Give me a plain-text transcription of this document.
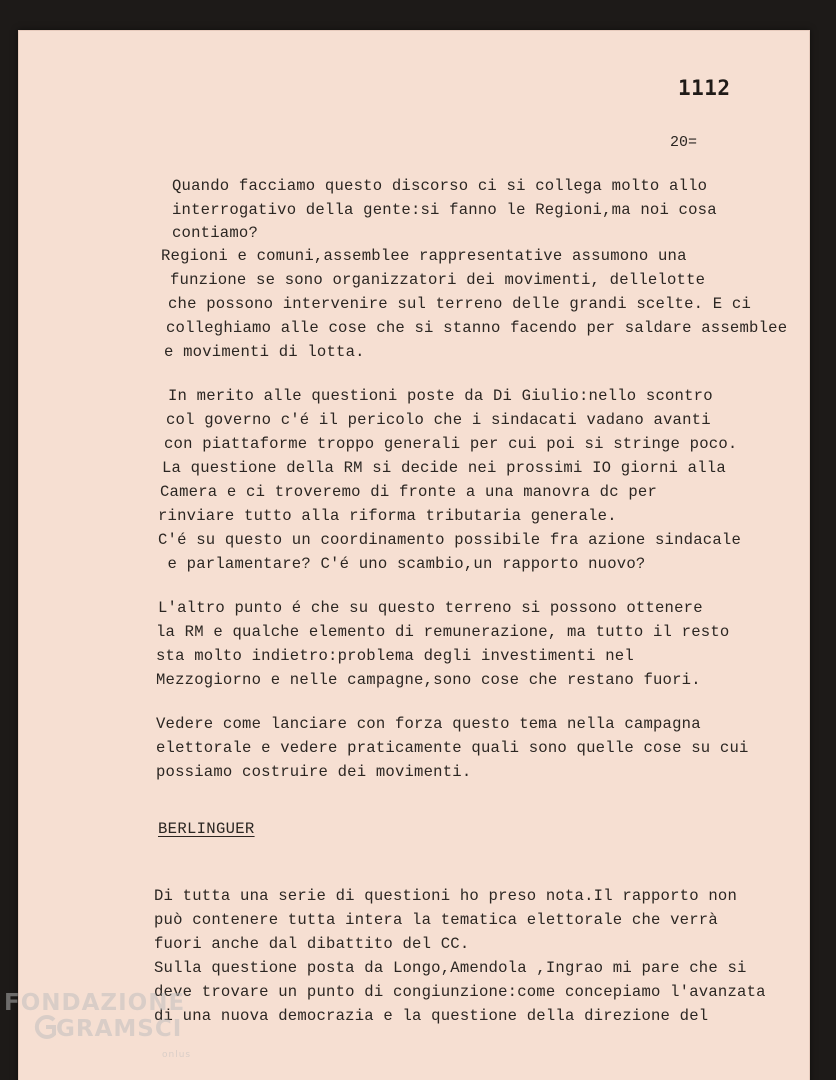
1112
20=
Quando facciamo questo discorso ci si collega molto allo
interrogativo della gente:si fanno le Regioni,ma noi cosa
contiamo?
Regioni e comuni,assemblee rappresentative assumono una
funzione se sono organizzatori dei movimenti, dellelotte
che possono intervenire sul terreno delle grandi scelte. E ci
colleghiamo alle cose che si stanno facendo per saldare assemblee
e movimenti di lotta.
In merito alle questioni poste da Di Giulio:nello scontro
col governo c'é il pericolo che i sindacati vadano avanti
con piattaforme troppo generali per cui poi si stringe poco.
La questione della RM si decide nei prossimi IO giorni alla
Camera e ci troveremo di fronte a una manovra dc per
rinviare tutto alla riforma tributaria generale.
C'é su questo un coordinamento possibile fra azione sindacale
e parlamentare? C'é uno scambio,un rapporto nuovo?
L'altro punto é che su questo terreno si possono ottenere
la RM e qualche elemento di remunerazione, ma tutto il resto
sta molto indietro:problema degli investimenti nel
Mezzogiorno e nelle campagne,sono cose che restano fuori.
Vedere come lanciare con forza questo tema nella campagna
elettorale e vedere praticamente quali sono quelle cose su cui
possiamo costruire dei movimenti.
Di tutta una serie di questioni ho preso nota.Il rapporto non
può contenere tutta intera la tematica elettorale che verrà
fuori anche dal dibattito del CC.
Sulla questione posta da Longo,Amendola ,Ingrao mi pare che si
deve trovare un punto di congiunzione:come concepiamo l'avanzata
di una nuova democrazia e la questione della direzione del
BERLINGUER
FONDAZIONE
GRAMSCI
onlus
